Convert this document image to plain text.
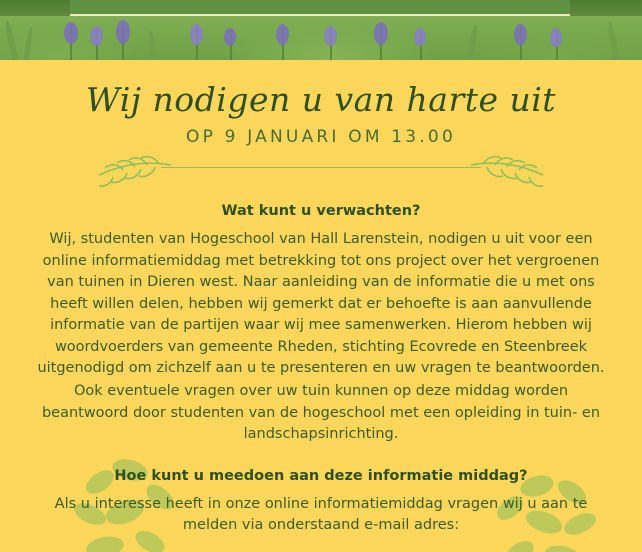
Wij nodigen u van harte uit
OP 9 JANUARI OM 13.00
Wat kunt u verwachten?

Wij, studenten van Hogeschool van Hall Larenstein, nodigen u uit voor een online informatiemiddag met betrekking tot ons project over het vergroenen van tuinen in Dieren west. Naar aanleiding van de informatie die u met ons heeft willen delen, hebben wij gemerkt dat er behoefte is aan aanvullende informatie van de partijen waar wij mee samenwerken. Hierom hebben wij woordvoerders van gemeente Rheden, stichting Ecovrede en Steenbreek uitgenodigd om zichzelf aan u te presenteren en uw vragen te beantwoorden.

Ook eventuele vragen over uw tuin kunnen op deze middag worden beantwoord door studenten van de hogeschool met een opleiding in tuin- en landschapsinrichting.

Hoe kunt u meedoen aan deze informatie middag?

Als u interesse heeft in onze online informatiemiddag vragen wij u aan te melden via onderstaand e-mail adres:
